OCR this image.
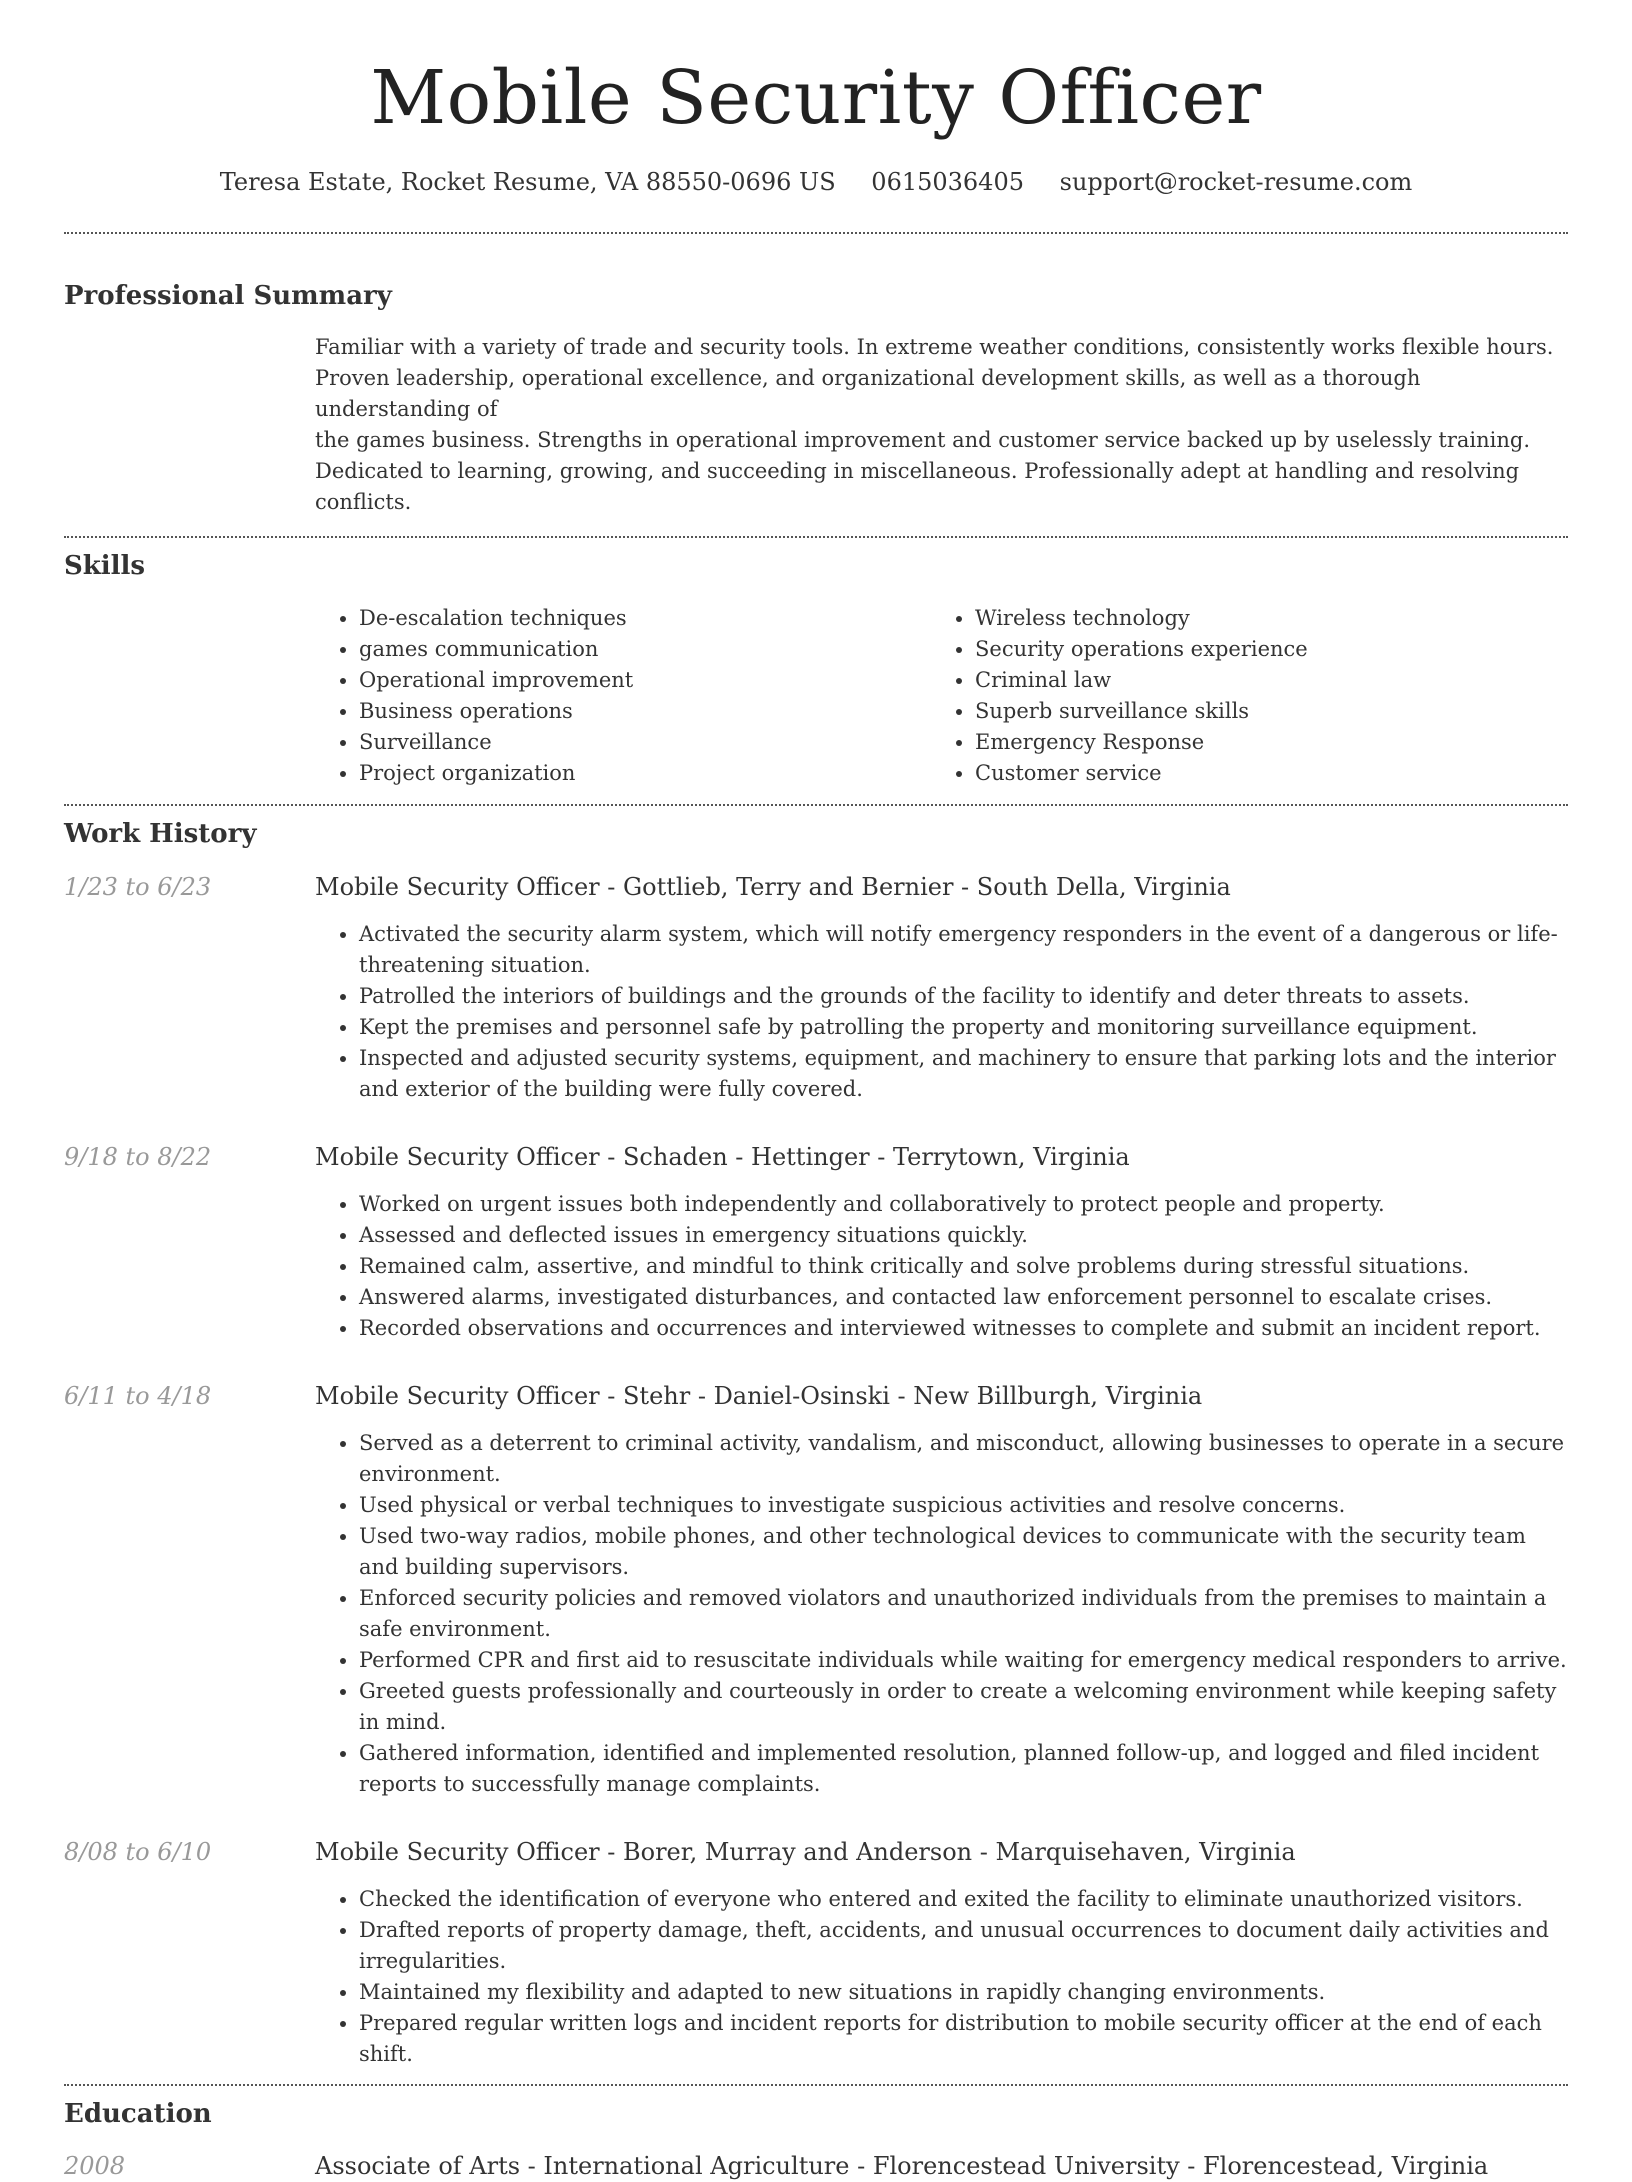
Mobile Security Officer
Teresa Estate, Rocket Resume, VA 88550-0696 US 0615036405 support@rocket-resume.com
Professional Summary
Familiar with a variety of trade and security tools. In extreme weather conditions, consistently works flexible hours.
Proven leadership, operational excellence, and organizational development skills, as well as a thorough understanding of
the games business. Strengths in operational improvement and customer service backed up by uselessly training.
Dedicated to learning, growing, and succeeding in miscellaneous. Professionally adept at handling and resolving conflicts.
Skills
• De-escalation techniques
• games communication
• Operational improvement
• Business operations
• Surveillance
• Project organization
• Wireless technology
• Security operations experience
• Criminal law
• Superb surveillance skills
• Emergency Response
• Customer service
Work History
1/23 to 6/23	Mobile Security Officer - Gottlieb, Terry and Bernier - South Della, Virginia
• Activated the security alarm system, which will notify emergency responders in the event of a dangerous or life-threatening situation.
• Patrolled the interiors of buildings and the grounds of the facility to identify and deter threats to assets.
• Kept the premises and personnel safe by patrolling the property and monitoring surveillance equipment.
• Inspected and adjusted security systems, equipment, and machinery to ensure that parking lots and the interior and exterior of the building were fully covered.
9/18 to 8/22	Mobile Security Officer - Schaden - Hettinger - Terrytown, Virginia
• Worked on urgent issues both independently and collaboratively to protect people and property.
• Assessed and deflected issues in emergency situations quickly.
• Remained calm, assertive, and mindful to think critically and solve problems during stressful situations.
• Answered alarms, investigated disturbances, and contacted law enforcement personnel to escalate crises.
• Recorded observations and occurrences and interviewed witnesses to complete and submit an incident report.
6/11 to 4/18	Mobile Security Officer - Stehr - Daniel-Osinski - New Billburgh, Virginia
• Served as a deterrent to criminal activity, vandalism, and misconduct, allowing businesses to operate in a secure environment.
• Used physical or verbal techniques to investigate suspicious activities and resolve concerns.
• Used two-way radios, mobile phones, and other technological devices to communicate with the security team and building supervisors.
• Enforced security policies and removed violators and unauthorized individuals from the premises to maintain a safe environment.
• Performed CPR and first aid to resuscitate individuals while waiting for emergency medical responders to arrive.
• Greeted guests professionally and courteously in order to create a welcoming environment while keeping safety in mind.
• Gathered information, identified and implemented resolution, planned follow-up, and logged and filed incident reports to successfully manage complaints.
8/08 to 6/10	Mobile Security Officer - Borer, Murray and Anderson - Marquisehaven, Virginia
• Checked the identification of everyone who entered and exited the facility to eliminate unauthorized visitors.
• Drafted reports of property damage, theft, accidents, and unusual occurrences to document daily activities and irregularities.
• Maintained my flexibility and adapted to new situations in rapidly changing environments.
• Prepared regular written logs and incident reports for distribution to mobile security officer at the end of each shift.
Education
2008	Associate of Arts - International Agriculture - Florencestead University - Florencestead, Virginia
